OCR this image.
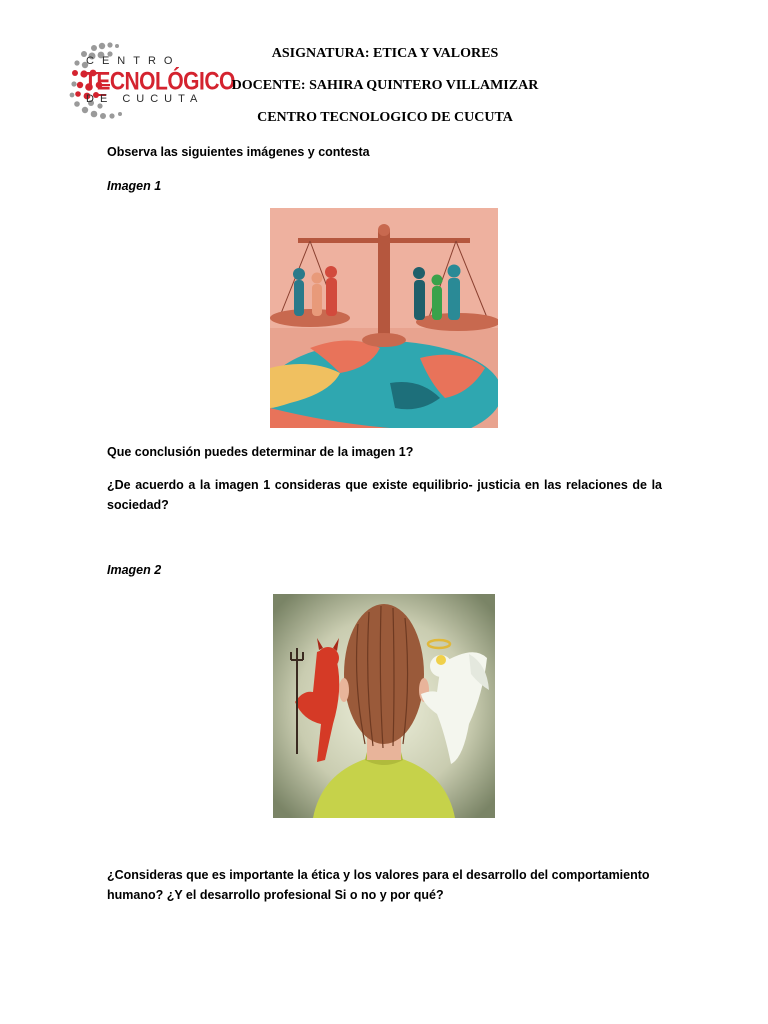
CENTRO
TECNOLÓGICO
DE CUCUTA
ASIGNATURA: ETICA Y VALORES
DOCENTE: SAHIRA QUINTERO VILLAMIZAR
CENTRO TECNOLOGICO DE CUCUTA
Observa las siguientes imágenes y contesta
Imagen 1
Que conclusión puedes determinar de la imagen 1?
¿De acuerdo a la imagen 1 consideras que existe equilibrio- justicia en las relaciones de la sociedad?
Imagen 2
¿Consideras que es importante la ética y los valores para el desarrollo del comportamiento humano? ¿Y el desarrollo profesional Si o no y por qué?
